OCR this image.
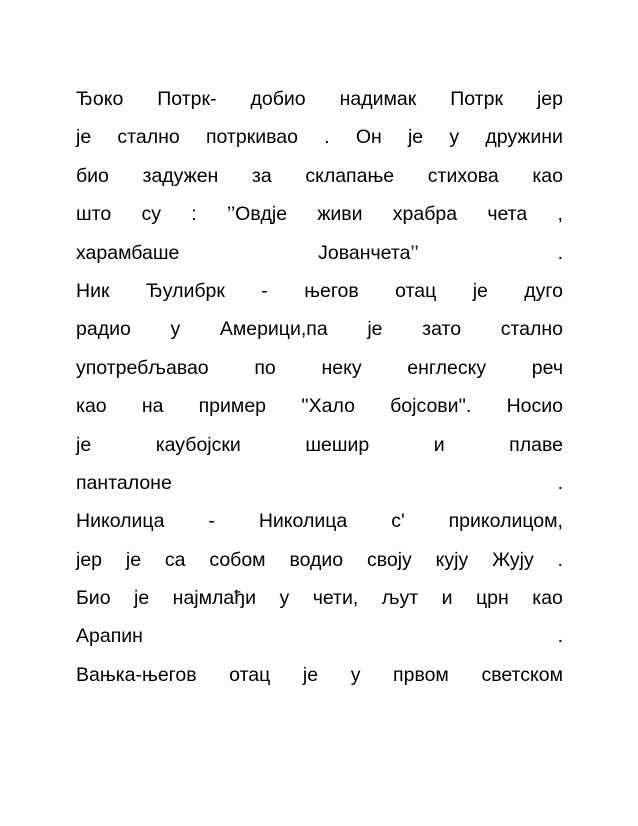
Ђоко Потрк- добио надимак Потрк јер
је стално потркивао . Он је у дружини
био задужен за склапање стихова као
што су : ’’Овдје живи храбра чета ,
харамбаше	Јованчета’’	.
Ник Ђулибрк - његов отац је дуго
радио у Америци,па је зато стално
употребљавао по неку енглеску реч
као на пример ''Хало бојсови''. Носио
је	каубојски	шешир	и	плаве
панталоне	.
Николица - Николица с' приколицом,
јер је са собом водио своју кују Жују .
Био је најмлађи у чети, љут и црн као
Арапин	.
Вањка-његов отац је у првом светском
